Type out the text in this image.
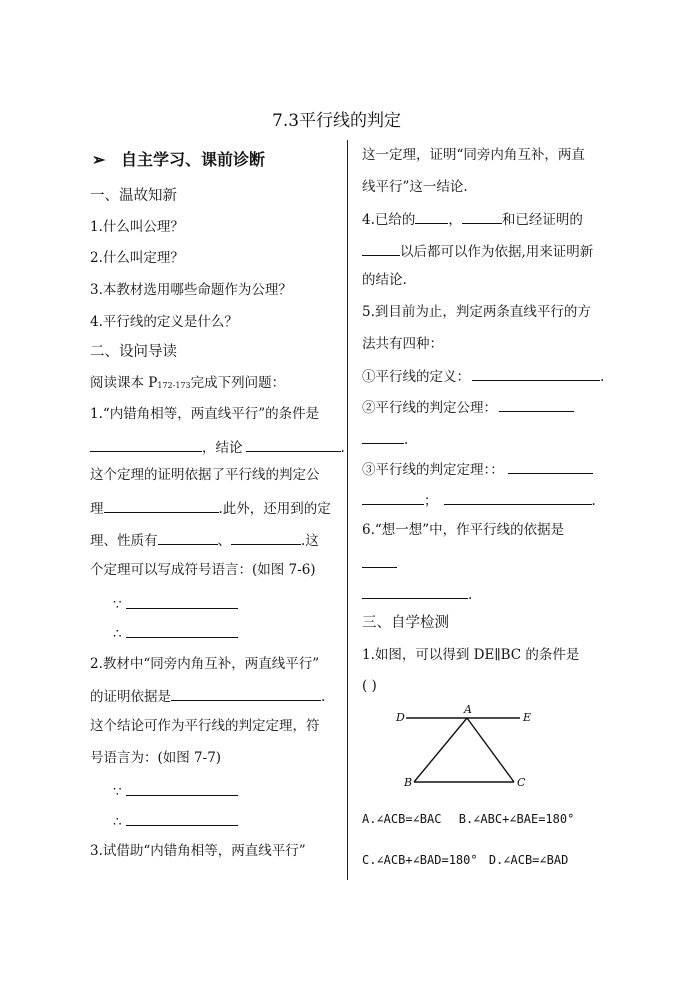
7.3平行线的判定
➢ 自主学习、课前诊断
一、温故知新
1.什么叫公理？
2.什么叫定理？
3.本教材选用哪些命题作为公理？
4.平行线的定义是什么？
二、设问导读
阅读课本 P172-173完成下列问题：
1.“内错角相等，两直线平行”的条件是
，结论	.
这个定理的证明依据了平行线的判定公
理	.此外，还用到的定
理、性质有	、	.这
个定理可以写成符号语言：(如图 7-6)
∵
∴
2.教材中“同旁内角互补，两直线平行”
的证明依据是	.
这个结论可作为平行线的判定定理，符
号语言为：(如图 7-7)
∵
∴
3.试借助“内错角相等，两直线平行”
这一定理，证明“同旁内角互补，两直
线平行”这一结论.
4.已给的 ，	和已经证明的
以后都可以作为依据,用来证明新
的结论.
5.到目前为止，判定两条直线平行的方
法共有四种：
①平行线的定义：	.
②平行线的判定公理：
.
③平行线的判定定理：：
；	.
6.“想一想”中，作平行线的依据是
.
三、自学检测
1.如图，可以得到 DE∥BC 的条件是
( )
D
A
E
B	C
A.∠ACB=∠BAC B.∠ABC+∠BAE=180°
C.∠ACB+∠BAD=180° D.∠ACB=∠BAD
